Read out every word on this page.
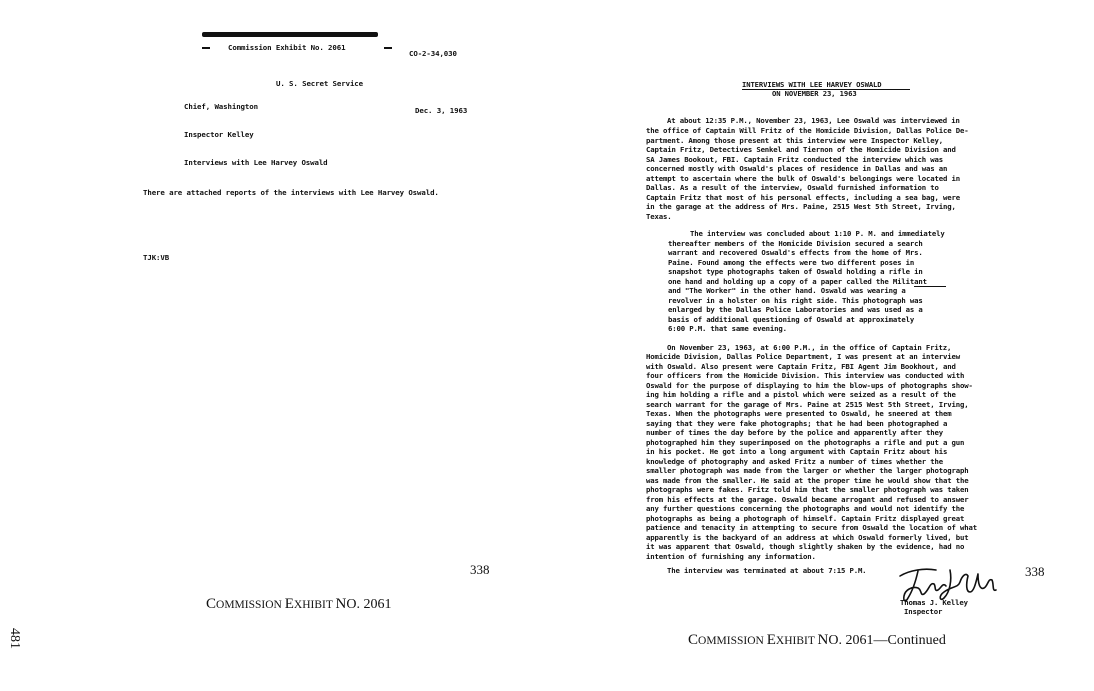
Commission Exhibit No. 2061
CO-2-34,030
U. S. Secret Service
Chief, Washington	Dec. 3, 1963
Inspector Kelley
Interviews with Lee Harvey Oswald
There are attached reports of the interviews with Lee Harvey Oswald.
TJK:VB
338
COMMISSION EXHIBIT NO. 2061
481
INTERVIEWS WITH LEE HARVEY OSWALD
ON NOVEMBER 23, 1963
At about 12:35 P.M., November 23, 1963, Lee Oswald was interviewed in
the office of Captain Will Fritz of the Homicide Division, Dallas Police De-
partment. Among those present at this interview were Inspector Kelley,
Captain Fritz, Detectives Senkel and Tiernon of the Homicide Division and
SA James Bookout, FBI. Captain Fritz conducted the interview which was
concerned mostly with Oswald's places of residence in Dallas and was an
attempt to ascertain where the bulk of Oswald's belongings were located in
Dallas. As a result of the interview, Oswald furnished information to
Captain Fritz that most of his personal effects, including a sea bag, were
in the garage at the address of Mrs. Paine, 2515 West 5th Street, Irving,
Texas.
The interview was concluded about 1:10 P. M. and immediately
thereafter members of the Homicide Division secured a search
warrant and recovered Oswald's effects from the home of Mrs.
Paine. Found among the effects were two different poses in
snapshot type photographs taken of Oswald holding a rifle in
one hand and holding up a copy of a paper called the Militant
and "The Worker" in the other hand. Oswald was wearing a
revolver in a holster on his right side. This photograph was
enlarged by the Dallas Police Laboratories and was used as a
basis of additional questioning of Oswald at approximately
6:00 P.M. that same evening.
On November 23, 1963, at 6:00 P.M., in the office of Captain Fritz,
Homicide Division, Dallas Police Department, I was present at an interview
with Oswald. Also present were Captain Fritz, FBI Agent Jim Bookhout, and
four officers from the Homicide Division. This interview was conducted with
Oswald for the purpose of displaying to him the blow-ups of photographs show-
ing him holding a rifle and a pistol which were seized as a result of the
search warrant for the garage of Mrs. Paine at 2515 West 5th Street, Irving,
Texas. When the photographs were presented to Oswald, he sneered at them
saying that they were fake photographs; that he had been photographed a
number of times the day before by the police and apparently after they
photographed him they superimposed on the photographs a rifle and put a gun
in his pocket. He got into a long argument with Captain Fritz about his
knowledge of photography and asked Fritz a number of times whether the
smaller photograph was made from the larger or whether the larger photograph
was made from the smaller. He said at the proper time he would show that the
photographs were fakes. Fritz told him that the smaller photograph was taken
from his effects at the garage. Oswald became arrogant and refused to answer
any further questions concerning the photographs and would not identify the
photographs as being a photograph of himself. Captain Fritz displayed great
patience and tenacity in attempting to secure from Oswald the location of what
apparently is the backyard of an address at which Oswald formerly lived, but
it was apparent that Oswald, though slightly shaken by the evidence, had no
intention of furnishing any information.
The interview was terminated at about 7:15 P.M.
Thomas J. Kelley
Inspector
338
COMMISSION EXHIBIT NO. 2061—Continued
